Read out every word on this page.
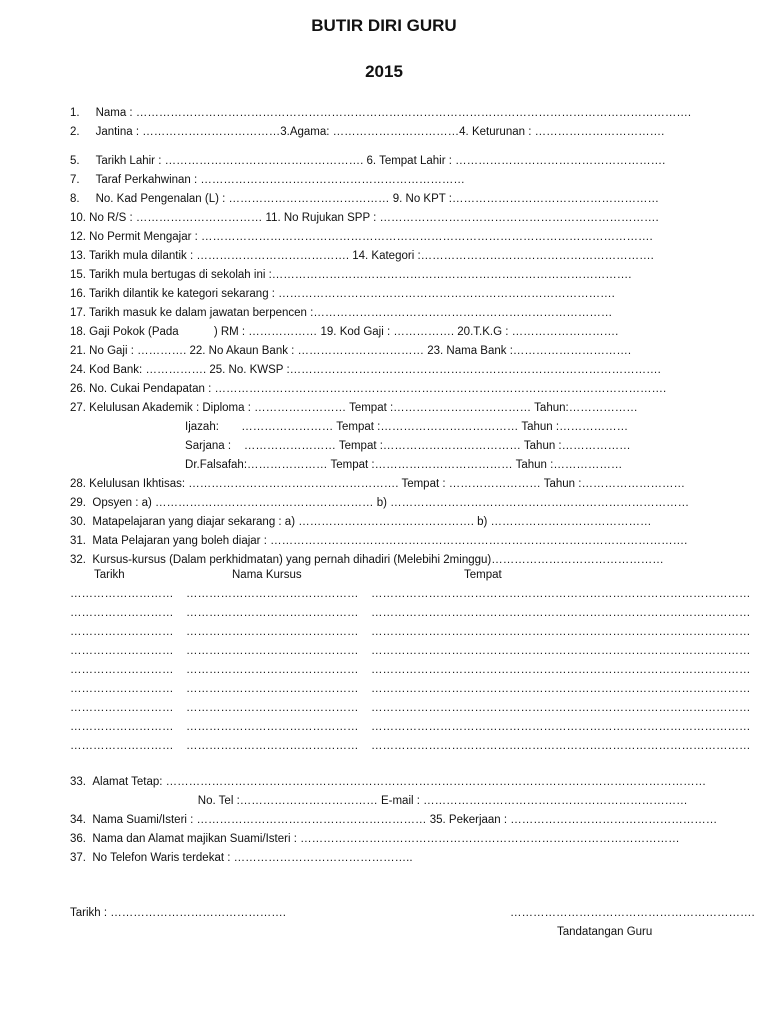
BUTIR DIRI GURU
2015
1.     Nama : ……………………………………………………………………………………………………………………………….
2.     Jantina : ………………………………3.Agama: ……………………………4. Keturunan : …………………………….
5.     Tarikh Lahir : ……………………………………………. 6. Tempat Lahir : ……………………………………………….
7.     Taraf Perkahwinan : ……………………………………………………………
8.     No. Kad Pengenalan (L) : …………………………………… 9. No KPT :………………………………………………
10. No R/S : …………………………… 11. No Rujukan SPP : ……………………………………………………………….
12. No Permit Mengajar : ……………………………………………………………………………………………………….
13. Tarikh mula dilantik : …………………………………. 14. Kategori :…………………………………………………….
15. Tarikh mula bertugas di sekolah ini :………………………………………………………………………………….
16. Tarikh dilantik ke kategori sekarang : …………………………………………………………………………….
17. Tarikh masuk ke dalam jawatan berpencen :……………………………………………………………………
18. Gaji Pokok (Pada           ) RM : ……………… 19. Kod Gaji : ……………. 20.T.K.G : ……………………….
21. No Gaji : …………. 22. No Akaun Bank : …………………………… 23. Nama Bank :………………………….
24. Kod Bank: ……………. 25. No. KWSP :…………………………………………………………………………………….
26. No. Cukai Pendapatan : ……………………………………………………………………………………………………….
27. Kelulusan Akademik : Diploma : …………………… Tempat :……………………………… Tahun:………………
Ijazah:       …………………… Tempat :……………………………… Tahun :………………
Sarjana :    …………………… Tempat :……………………………… Tahun :………………
Dr.Falsafah:………………… Tempat :……………………………… Tahun :………………
28. Kelulusan Ikhtisas: ………………………………………………. Tempat : …………………… Tahun :………………………
29.  Opsyen : a) ………………………………………………… b) ……………………………………………………………………
30.  Matapelajaran yang diajar sekarang : a) ………………………………………. b) ……………………………………
31.  Mata Pelajaran yang boleh diajar : ……………………………………………………………………………………………….
32.  Kursus-kursus (Dalam perkhidmatan) yang pernah dihadiri (Melebihi 2minggu)………………………………………
Tarikh	Nama Kursus	Tempat
……………………… ……………………………………… ………………………………………………………………………………………
……………………… ……………………………………… ………………………………………………………………………………………
……………………… ……………………………………… ………………………………………………………………………………………
……………………… ……………………………………… ………………………………………………………………………………………
……………………… ……………………………………… ………………………………………………………………………………………
……………………… ……………………………………… ………………………………………………………………………………………
……………………… ……………………………………… ………………………………………………………………………………………
……………………… ……………………………………… ………………………………………………………………………………………
……………………… ……………………………………… ………………………………………………………………………………………
33.  Alamat Tetap: ……………………………………………………………………………………………………………………………
No. Tel :……………………………… E-mail : ……………………………………………………………
34.  Nama Suami/Isteri : …………………………………………………… 35. Pekerjaan : ………………………………………………
36.  Nama dan Alamat majikan Suami/Isteri : ………………………………………………………………………………………
37.  No Telefon Waris terdekat : ………………………………………..
Tarikh : ……………………………………….	……………………………………………………….
Tandatangan Guru
